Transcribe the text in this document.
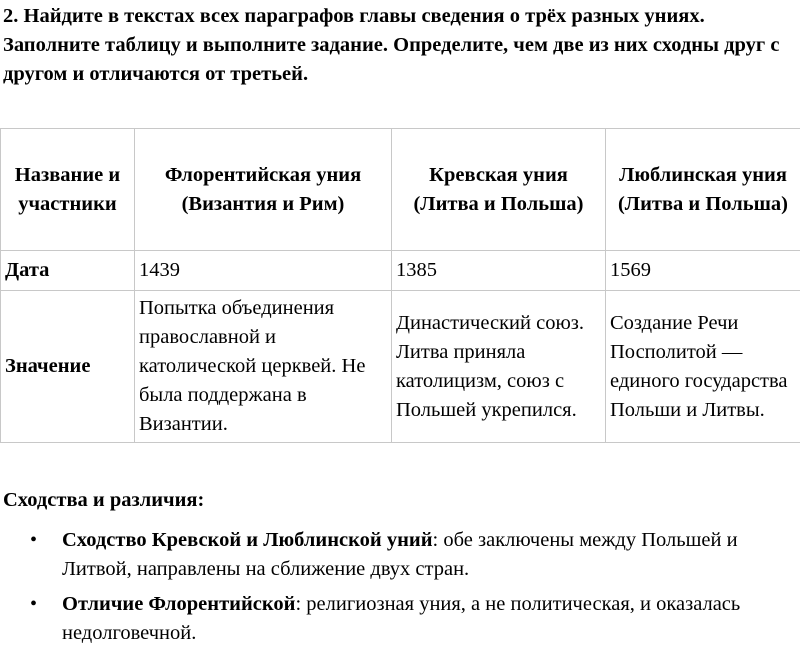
2. Найдите в текстах всех параграфов главы сведения о трёх разных униях. Заполните таблицу и выполните задание. Определите, чем две из них сходны друг с другом и отличаются от третьей.

Название и участники	Флорентийская уния (Византия и Рим)	Кревская уния (Литва и Польша)	Люблинская уния (Литва и Польша)
Дата	1439	1385	1569
Значение	Попытка объединения православной и католической церквей. Не была поддержана в Византии.	Династический союз. Литва приняла католицизм, союз с Польшей укрепился.	Создание Речи Посполитой — единого государства Польши и Литвы.

Сходства и различия:

• Сходство Кревской и Люблинской уний: обе заключены между Польшей и Литвой, направлены на сближение двух стран.
• Отличие Флорентийской: религиозная уния, а не политическая, и оказалась недолговечной.
